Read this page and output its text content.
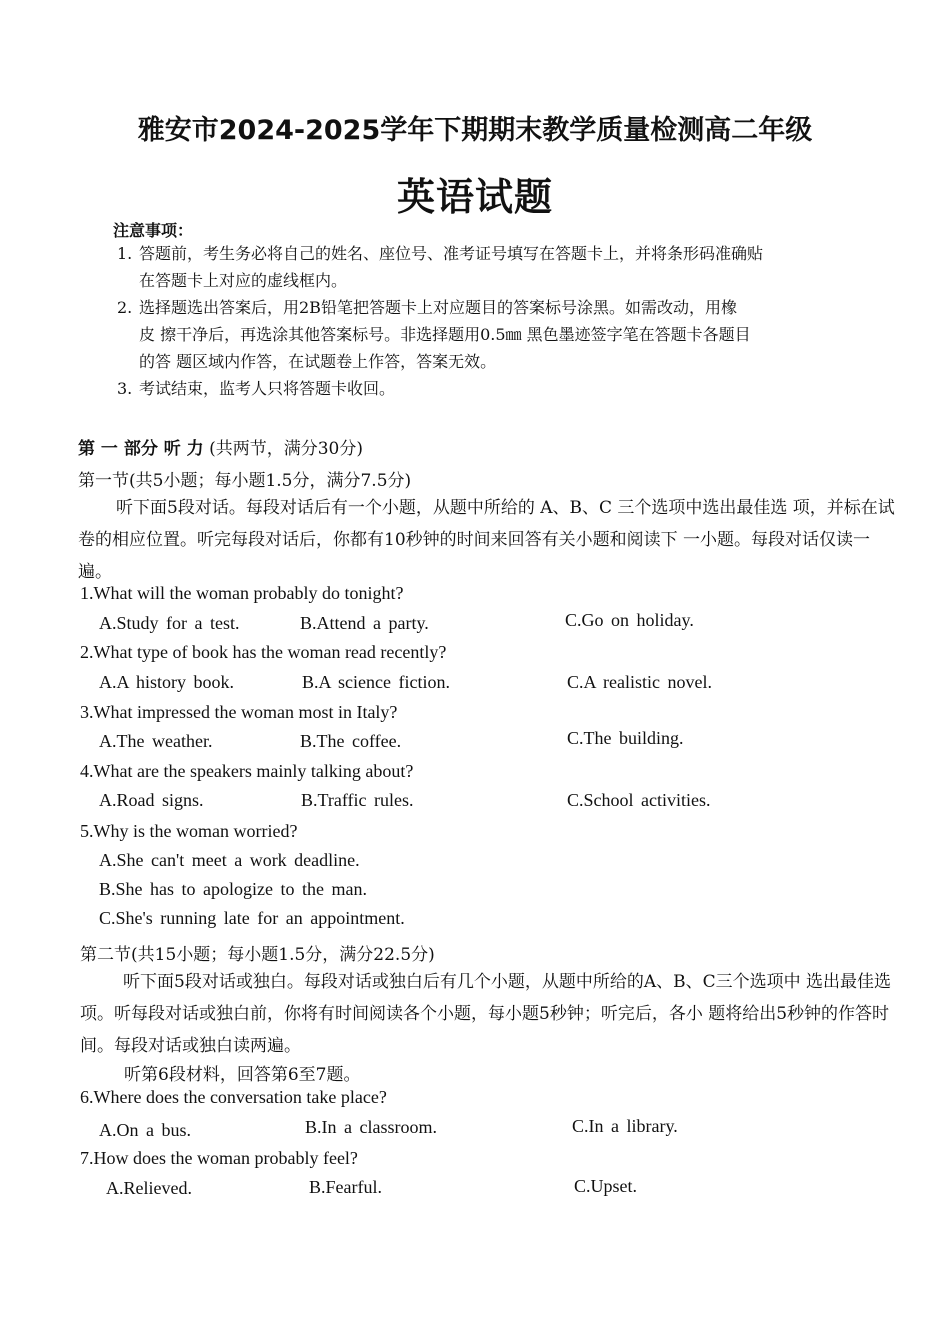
雅安市2024-2025学年下期期末教学质量检测高二年级
英语试题
注意事项：
1. 答题前，考生务必将自己的姓名、座位号、准考证号填写在答题卡上，并将条形码准确贴
在答题卡上对应的虚线框内。
2. 选择题选出答案后，用2B铅笔把答题卡上对应题目的答案标号涂黑。如需改动，用橡
皮 擦干净后，再选涂其他答案标号。非选择题用0.5㎜ 黑色墨迹签字笔在答题卡各题目
的答 题区域内作答，在试题卷上作答，答案无效。
3. 考试结束，监考人只将答题卡收回。
第 一 部分 听 力 (共两节，满分30分)
第一节(共5小题；每小题1.5分，满分7.5分)
听下面5段对话。每段对话后有一个小题，从题中所给的 A、B、C 三个选项中选出最佳选 项，并标在试卷的相应位置。听完每段对话后，你都有10秒钟的时间来回答有关小题和阅读下 一小题。每段对话仅读一遍。
1.What will the woman probably do tonight?
A.Study for a test.	B.Attend a party.	C.Go on holiday.
2.What type of book has the woman read recently?
A.A history book.	B.A science fiction.	C.A realistic novel.
3.What impressed the woman most in Italy?
A.The weather.	B.The coffee.	C.The building.
4.What are the speakers mainly talking about?
A.Road signs.	B.Traffic rules.	C.School activities.
5.Why is the woman worried?
A.She can't meet a work deadline.
B.She has to apologize to the man.
C.She's running late for an appointment.
第二节(共15小题；每小题1.5分，满分22.5分)
听下面5段对话或独白。每段对话或独白后有几个小题，从题中所给的A、B、C三个选项中 选出最佳选项。听每段对话或独白前，你将有时间阅读各个小题，每小题5秒钟；听完后，各小 题将给出5秒钟的作答时间。每段对话或独白读两遍。
听第6段材料，回答第6至7题。
6.Where does the conversation take place?
A.On a bus.	B.In a classroom.	C.In a library.
7.How does the woman probably feel?
A.Relieved.	B.Fearful.	C.Upset.
